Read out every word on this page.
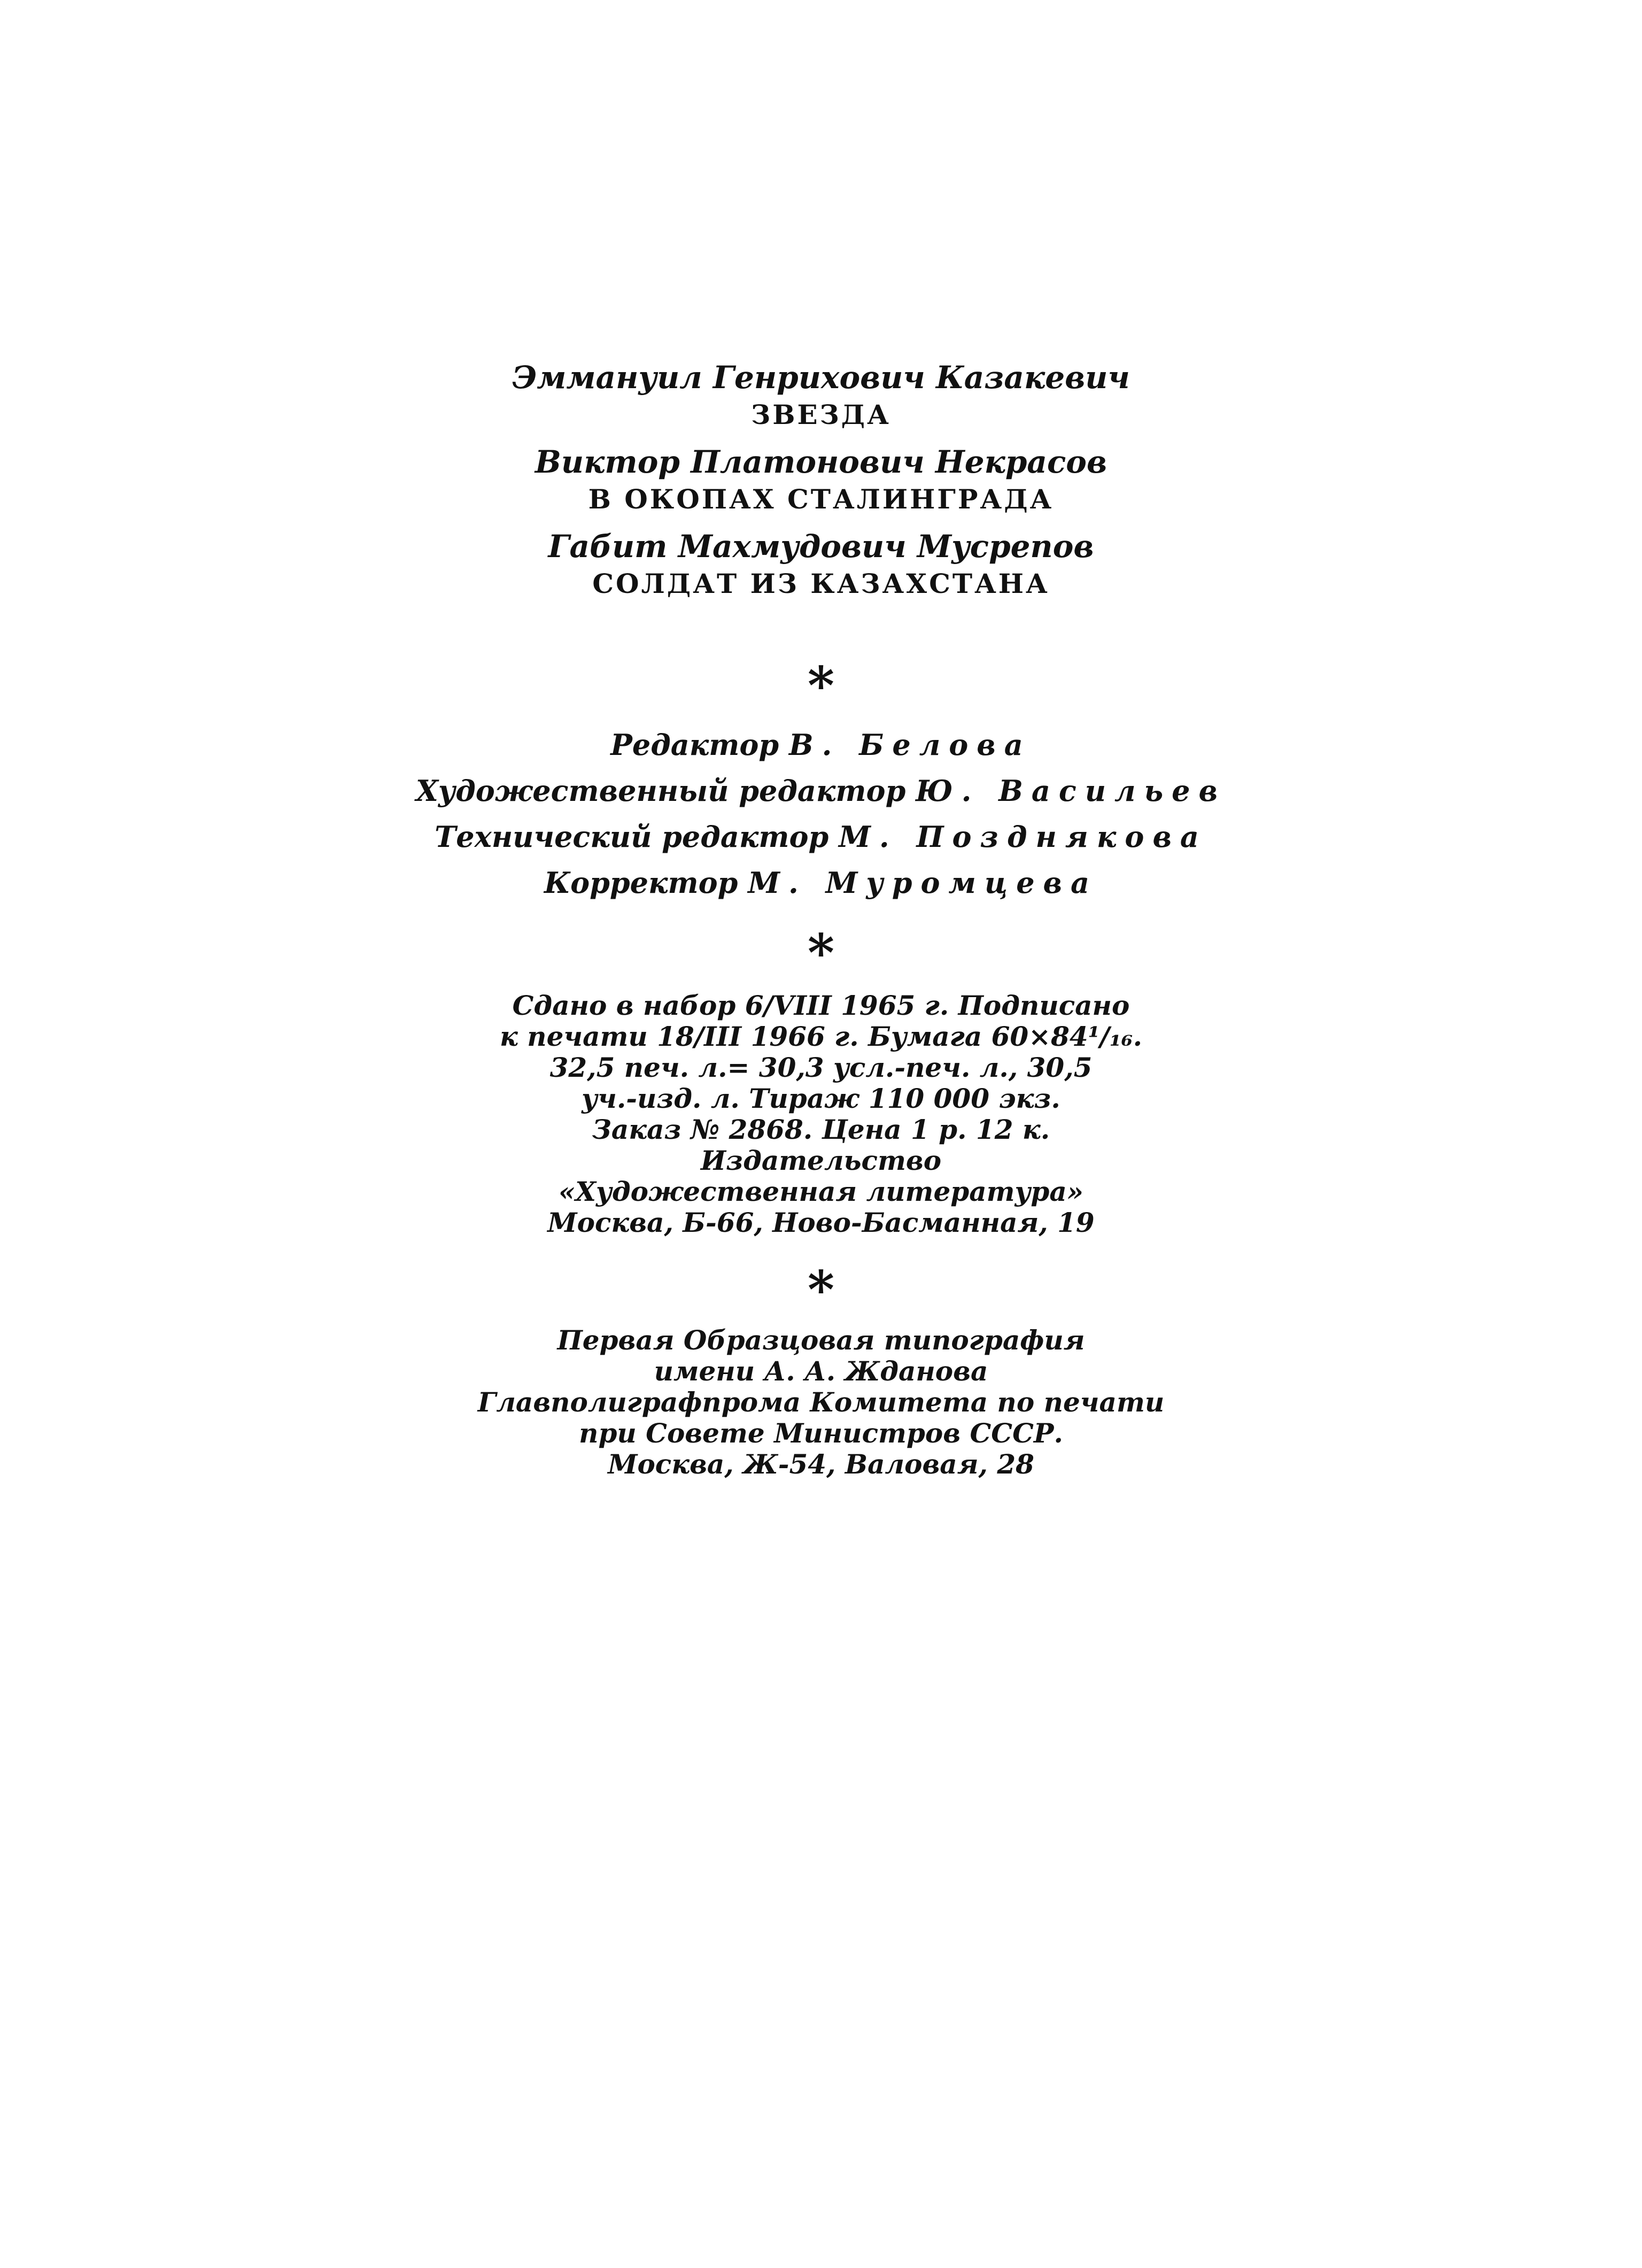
Эммануил Генрихович Казакевич
ЗВЕЗДА
Виктор Платонович Некрасов
В ОКОПАХ СТАЛИНГРАДА
Габит Махмудович Мусрепов
СОЛДАТ ИЗ КАЗАХСТАНА
*
Редактор В. Белова
Художественный редактор Ю. Васильев
Технический редактор М. Позднякова
Корректор М. Муромцева
*
Сдано в набор 6/VIII 1965 г. Подписано
к печати 18/III 1966 г. Бумага 60×84¹/₁₆.
32,5 печ. л.= 30,3 усл.-печ. л., 30,5
уч.-изд. л. Тираж 110 000 экз.
Заказ № 2868. Цена 1 р. 12 к.
Издательство
«Художественная литература»
Москва, Б-66, Ново-Басманная, 19
*
Первая Образцовая типография
имени А. А. Жданова
Главполиграфпрома Комитета по печати
при Совете Министров СССР.
Москва, Ж-54, Валовая, 28
